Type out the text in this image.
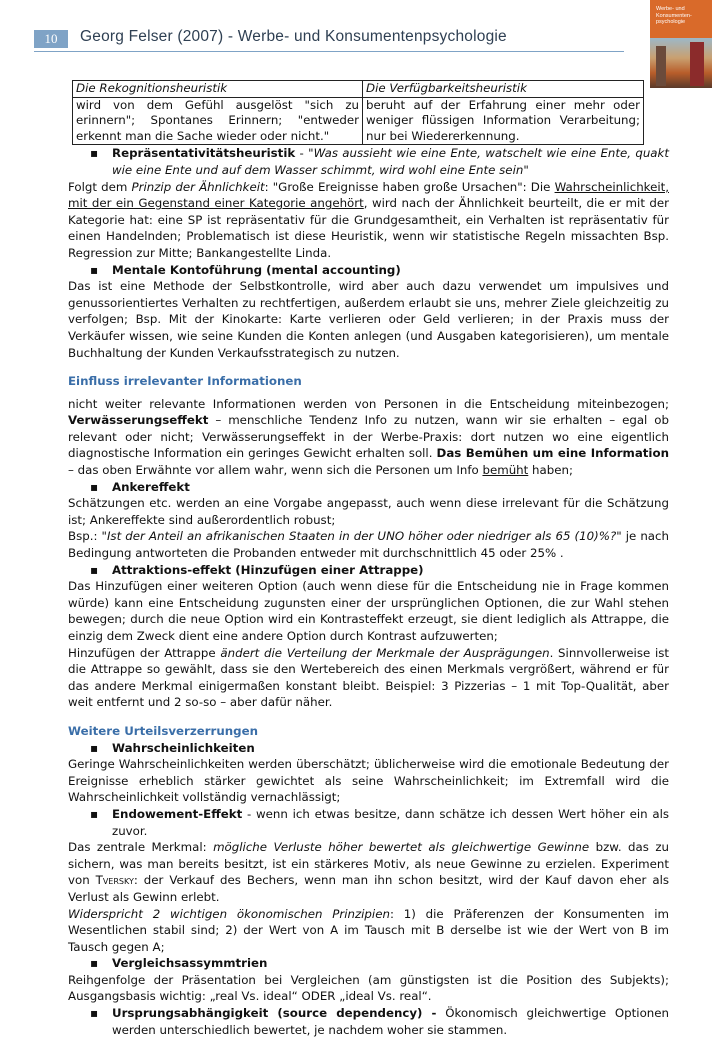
10	Georg Felser (2007) - Werbe- und Konsumentenpsychologie
Werbe- und Konsumenten-psychologie
Die Rekognitionsheuristik	Die Verfügbarkeitsheuristik
wird von dem Gefühl ausgelöst "sich zu erinnern"; Spontanes Erinnern; "entweder erkennt man die Sache wieder oder nicht."	beruht auf der Erfahrung einer mehr oder weniger flüssigen Information Verarbeitung; nur bei Wiedererkennung.

▪ Repräsentativitätsheuristik - "Was aussieht wie eine Ente, watschelt wie eine Ente, quakt wie eine Ente und auf dem Wasser schimmt, wird wohl eine Ente sein"

Folgt dem Prinzip der Ähnlichkeit: "Große Ereignisse haben große Ursachen": Die Wahrscheinlichkeit, mit der ein Gegenstand einer Kategorie angehört, wird nach der Ähnlichkeit beurteilt, die er mit der Kategorie hat: eine SP ist repräsentativ für die Grundgesamtheit, ein Verhalten ist repräsentativ für einen Handelnden; Problematisch ist diese Heuristik, wenn wir statistische Regeln missachten Bsp. Regression zur Mitte; Bankangestellte Linda.

▪ Mentale Kontoführung (mental accounting)

Das ist eine Methode der Selbstkontrolle, wird aber auch dazu verwendet um impulsives und genussorientiertes Verhalten zu rechtfertigen, außerdem erlaubt sie uns, mehrer Ziele gleichzeitig zu verfolgen; Bsp. Mit der Kinokarte: Karte verlieren oder Geld verlieren; in der Praxis muss der Verkäufer wissen, wie seine Kunden die Konten anlegen (und Ausgaben kategorisieren), um mentale Buchhaltung der Kunden Verkaufsstrategisch zu nutzen.

Einfluss irrelevanter Informationen

nicht weiter relevante Informationen werden von Personen in die Entscheidung miteinbezogen; Verwässerungseffekt – menschliche Tendenz Info zu nutzen, wann wir sie erhalten – egal ob relevant oder nicht; Verwässerungseffekt in der Werbe-Praxis: dort nutzen wo eine eigentlich diagnostische Information ein geringes Gewicht erhalten soll. Das Bemühen um eine Information – das oben Erwähnte vor allem wahr, wenn sich die Personen um Info bemüht haben;

▪ Ankereffekt

Schätzungen etc. werden an eine Vorgabe angepasst, auch wenn diese irrelevant für die Schätzung ist; Ankereffekte sind außerordentlich robust;

Bsp.: "Ist der Anteil an afrikanischen Staaten in der UNO höher oder niedriger als 65 (10)%?" je nach Bedingung antworteten die Probanden entweder mit durchschnittlich 45 oder 25% .

▪ Attraktions-effekt (Hinzufügen einer Attrappe)

Das Hinzufügen einer weiteren Option (auch wenn diese für die Entscheidung nie in Frage kommen würde) kann eine Entscheidung zugunsten einer der ursprünglichen Optionen, die zur Wahl stehen bewegen; durch die neue Option wird ein Kontrasteffekt erzeugt, sie dient lediglich als Attrappe, die einzig dem Zweck dient eine andere Option durch Kontrast aufzuwerten;

Hinzufügen der Attrappe ändert die Verteilung der Merkmale der Ausprägungen. Sinnvollerweise ist die Attrappe so gewählt, dass sie den Wertebereich des einen Merkmals vergrößert, während er für das andere Merkmal einigermaßen konstant bleibt. Beispiel: 3 Pizzerias – 1 mit Top-Qualität, aber weit entfernt und 2 so-so – aber dafür näher.

Weitere Urteilsverzerrungen

▪ Wahrscheinlichkeiten

Geringe Wahrscheinlichkeiten werden überschätzt; üblicherweise wird die emotionale Bedeutung der Ereignisse erheblich stärker gewichtet als seine Wahrscheinlichkeit; im Extremfall wird die Wahrscheinlichkeit vollständig vernachlässigt;

▪ Endowement-Effekt - wenn ich etwas besitze, dann schätze ich dessen Wert höher ein als zuvor.

Das zentrale Merkmal: mögliche Verluste höher bewertet als gleichwertige Gewinne bzw. das zu sichern, was man bereits besitzt, ist ein stärkeres Motiv, als neue Gewinne zu erzielen. Experiment von Tversky: der Verkauf des Bechers, wenn man ihn schon besitzt, wird der Kauf davon eher als Verlust als Gewinn erlebt.

Widerspricht 2 wichtigen ökonomischen Prinzipien: 1) die Präferenzen der Konsumenten im Wesentlichen stabil sind; 2) der Wert von A im Tausch mit B derselbe ist wie der Wert von B im Tausch gegen A;

▪ Vergleichsassymmtrien

Reihgenfolge der Präsentation bei Vergleichen (am günstigsten ist die Position des Subjekts); Ausgangsbasis wichtig: „real Vs. ideal“ ODER „ideal Vs. real“.

▪ Ursprungsabhängigkeit (source dependency) - Ökonomisch gleichwertige Optionen werden unterschiedlich bewertet, je nachdem woher sie stammen.
